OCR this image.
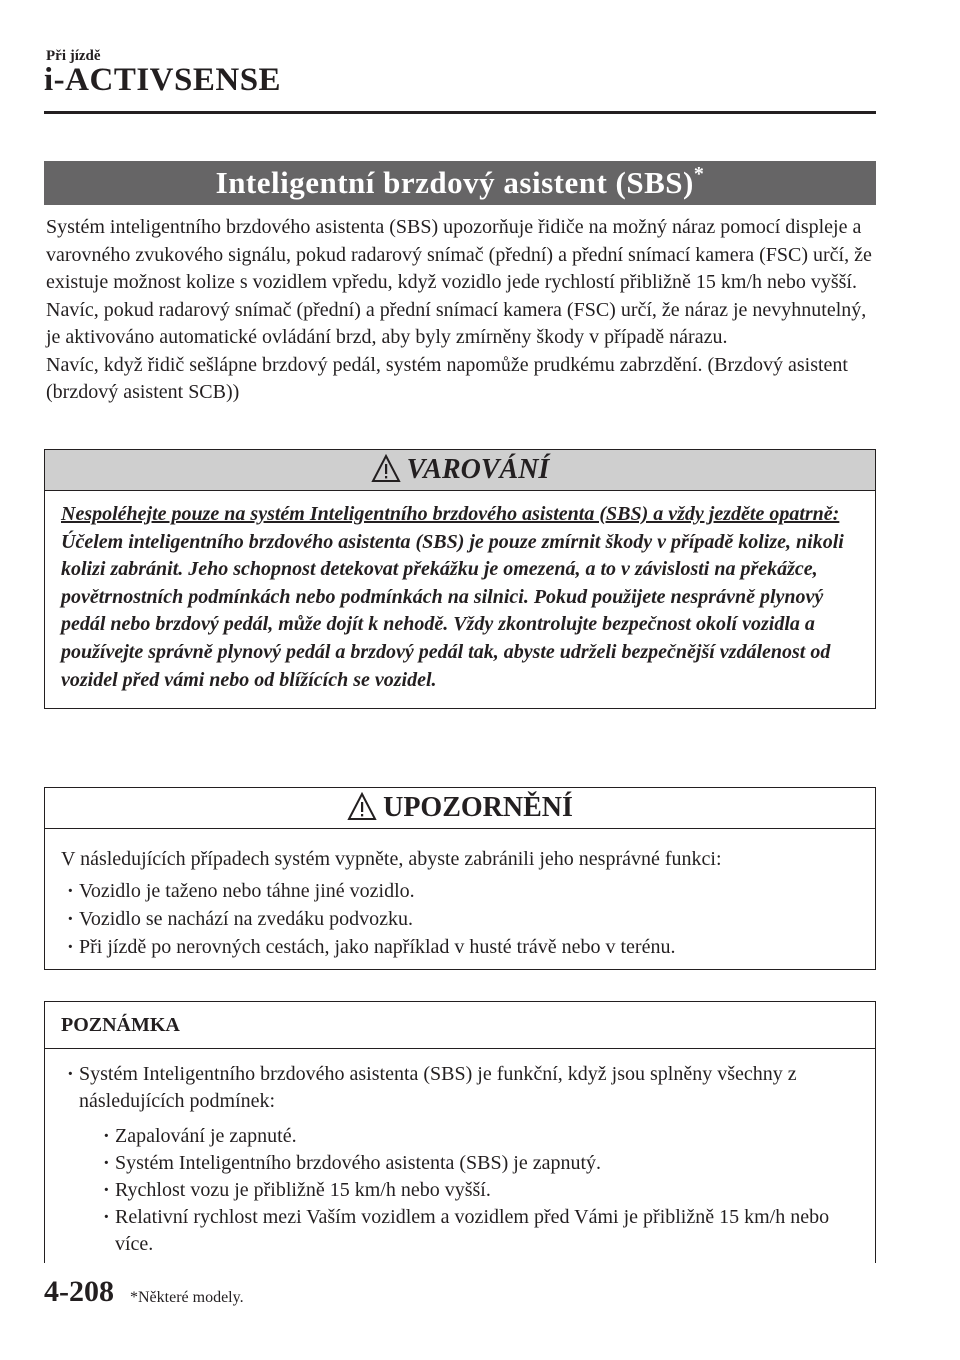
Při jízdě
i-ACTIVSENSE
Inteligentní brzdový asistent (SBS)*

Systém inteligentního brzdového asistenta (SBS) upozorňuje řidiče na možný náraz pomocí displeje a varovného zvukového signálu, pokud radarový snímač (přední) a přední snímací kamera (FSC) určí, že existuje možnost kolize s vozidlem vpředu, když vozidlo jede rychlostí přibližně 15 km/h nebo vyšší. Navíc, pokud radarový snímač (přední) a přední snímací kamera (FSC) určí, že náraz je nevyhnutelný, je aktivováno automatické ovládání brzd, aby byly zmírněny škody v případě nárazu.

Navíc, když řidič sešlápne brzdový pedál, systém napomůže prudkému zabrzdění. (Brzdový asistent (brzdový asistent SCB))

VAROVÁNÍ
Nespoléhejte pouze na systém Inteligentního brzdového asistenta (SBS) a vždy jezděte opatrně:
Účelem inteligentního brzdového asistenta (SBS) je pouze zmírnit škody v případě kolize, nikoli kolizi zabránit. Jeho schopnost detekovat překážku je omezená, a to v závislosti na překážce, povětrnostních podmínkách nebo podmínkách na silnici. Pokud použijete nesprávně plynový pedál nebo brzdový pedál, může dojít k nehodě. Vždy zkontrolujte bezpečnost okolí vozidla a používejte správně plynový pedál a brzdový pedál tak, abyste udrželi bezpečnější vzdálenost od vozidel před vámi nebo od blížících se vozidel.
UPOZORNĚNÍ
V následujících případech systém vypněte, abyste zabránili jeho nesprávné funkci:
· Vozidlo je taženo nebo táhne jiné vozidlo.
· Vozidlo se nachází na zvedáku podvozku.
· Při jízdě po nerovných cestách, jako například v husté trávě nebo v terénu.
POZNÁMKA
· Systém Inteligentního brzdového asistenta (SBS) je funkční, když jsou splněny všechny z následujících podmínek:
· Zapalování je zapnuté.
· Systém Inteligentního brzdového asistenta (SBS) je zapnutý.
· Rychlost vozu je přibližně 15 km/h nebo vyšší.
· Relativní rychlost mezi Vaším vozidlem a vozidlem před Vámi je přibližně 15 km/h nebo více.
4-208 *Některé modely.
